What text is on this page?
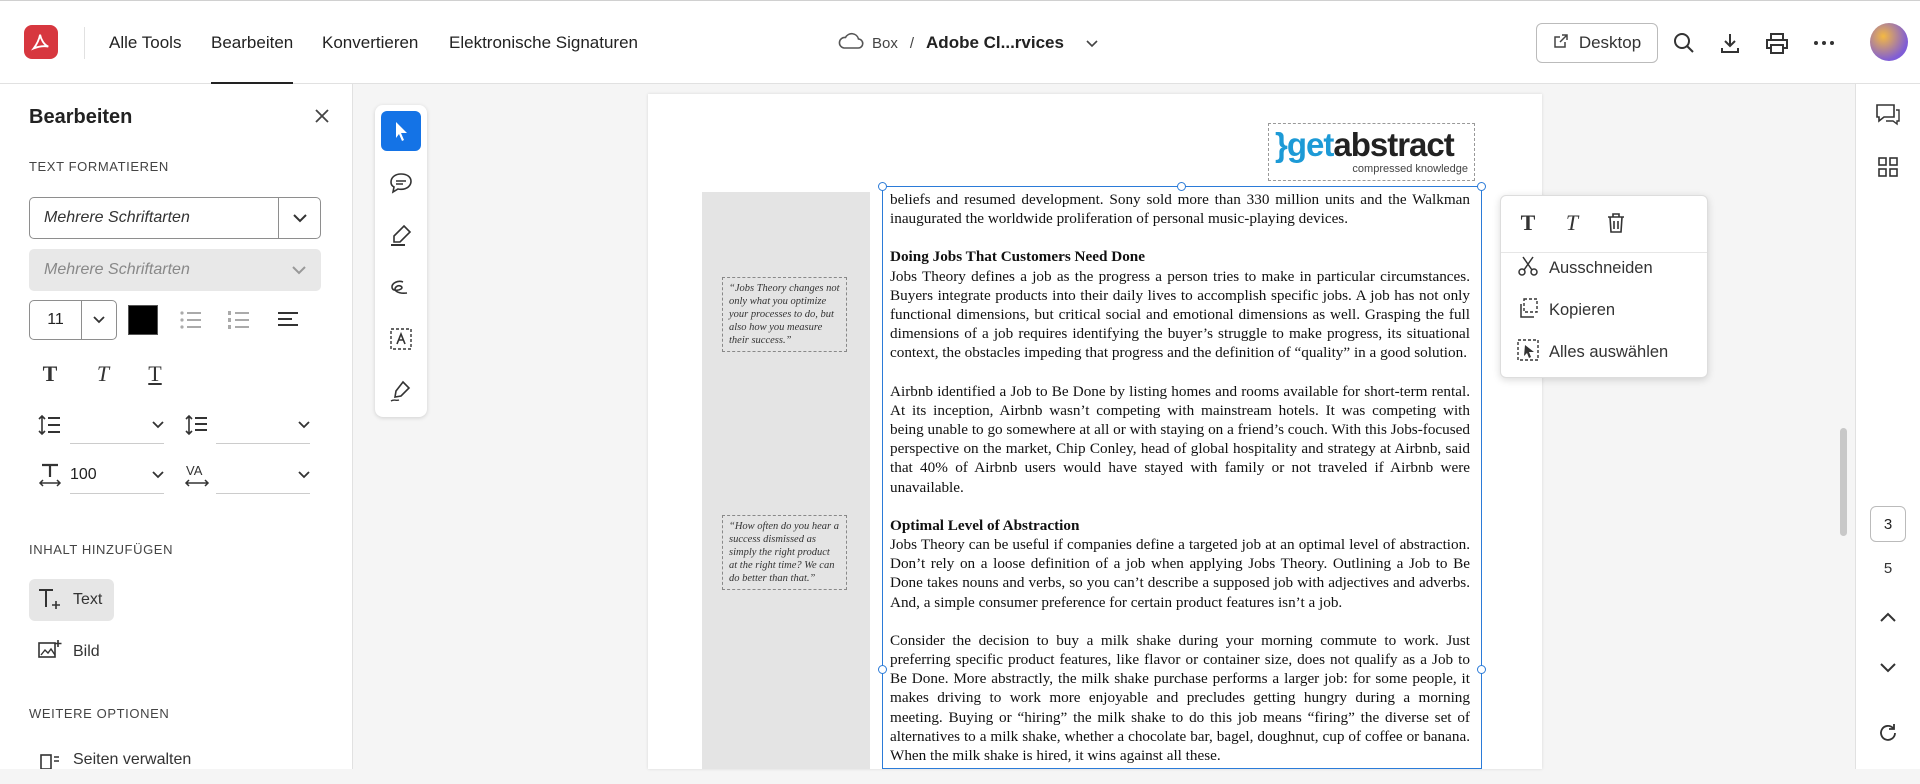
Alle Tools Bearbeiten Konvertieren Elektronische Signaturen	Box / Adobe Cl...rvices	Desktop
Bearbeiten
TEXT FORMATIEREN
Mehrere Schriftarten
Mehrere Schriftarten
11
T T T
100	VA
INHALT HINZUFÜGEN
Text
Bild
WEITERE OPTIONEN
Seiten verwalten
}getabstract
compressed knowledge
“Jobs Theory changes not only what you optimize your processes to do, but also how you measure their success.”
“How often do you hear a success dismissed as simply the right product at the right time? We can do better than that.”

beliefs and resumed development. Sony sold more than 330 million units and the Walkman inaugurated the worldwide proliferation of personal music-playing devices.

Doing Jobs That Customers Need Done

Jobs Theory defines a job as the progress a person tries to make in particular circumstances. Buyers integrate products into their daily lives to accomplish specific jobs. A job has not only functional dimensions, but critical social and emotional dimensions as well. Grasping the full dimensions of a job requires identifying the buyer’s struggle to make progress, its situational context, the obstacles impeding that progress and the definition of “quality” in a good solution.

Airbnb identified a Job to Be Done by listing homes and rooms available for short-term rental. At its inception, Airbnb wasn’t competing with mainstream hotels. It was competing with being unable to go somewhere at all or with staying on a friend’s couch. With this Jobs-focused perspective on the market, Chip Conley, head of global hospitality and strategy at Airbnb, said that 40% of Airbnb users would have stayed with family or not traveled if Airbnb were unavailable.

Optimal Level of Abstraction

Jobs Theory can be useful if companies define a targeted job at an optimal level of abstraction. Don’t rely on a loose definition of a job when applying Jobs Theory. Outlining a Job to Be Done takes nouns and verbs, so you can’t describe a supposed job with adjectives and adverbs. And, a simple consumer preference for certain product features isn’t a job.

Consider the decision to buy a milk shake during your morning commute to work. Just preferring specific product features, like flavor or container size, does not qualify as a Job to Be Done. More abstractly, the milk shake purchase performs a larger job: for some people, it makes driving to work more enjoyable and precludes getting hungry during a morning meeting. Buying or “hiring” the milk shake to do this job means “firing” the diverse set of alternatives to a milk shake, whether a chocolate bar, bagel, doughnut, cup of coffee or banana. When the milk shake is hired, it wins against all these.

T	T
Ausschneiden
Kopieren
Alles auswählen
3
5
